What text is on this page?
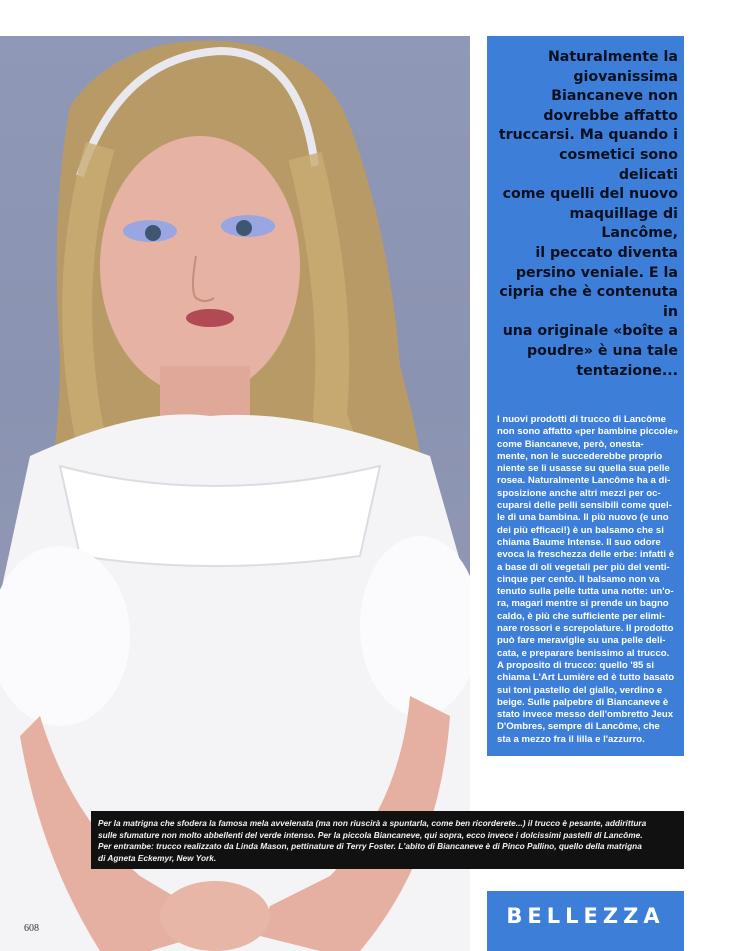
Naturalmente la
giovanissima
Biancaneve non
dovrebbe affatto
truccarsi. Ma quando i
cosmetici sono delicati
come quelli del nuovo
maquillage di Lancôme,
il peccato diventa
persino veniale. E la
cipria che è contenuta in
una originale «boîte a
poudre» è una tale
tentazione...

I nuovi prodotti di trucco di Lancôme
non sono affatto «per bambine piccole»
come Biancaneve, però, onesta-
mente, non le succederebbe proprio
niente se li usasse su quella sua pelle
rosea. Naturalmente Lancôme ha a di-
sposizione anche altri mezzi per oc-
cuparsi delle pelli sensibili come quel-
le di una bambina. Il più nuovo (e uno
dei più efficaci!) è un balsamo che si
chiama Baume Intense. Il suo odore
evoca la freschezza delle erbe: infatti è
a base di oli vegetali per più del venti-
cinque per cento. Il balsamo non va
tenuto sulla pelle tutta una notte: un'o-
ra, magari mentre si prende un bagno
caldo, è più che sufficiente per elimi-
nare rossori e screpolature. Il prodotto
può fare meraviglie su una pelle deli-
cata, e preparare benissimo al trucco.
A proposito di trucco: quello '85 si
chiama L'Art Lumière ed è tutto basato
sui toni pastello del giallo, verdino e
beige. Sulle palpebre di Biancaneve è
stato invece messo dell'ombretto Jeux
D'Ombres, sempre di Lancôme, che
sta a mezzo fra il lilla e l'azzurro.

Per la matrigna che sfodera la famosa mela avvelenata (ma non riuscirà a spuntarla, come ben ricorderete...) il trucco è pesante, addirittura
sulle sfumature non molto abbellenti del verde intenso. Per la piccola Biancaneve, qui sopra, ecco invece i dolcissimi pastelli di Lancôme.
Per entrambe: trucco realizzato da Linda Mason, pettinature di Terry Foster. L'abito di Biancaneve è di Pinco Pallino, quello della matrigna
di Agneta Eckemyr, New York.

BELLEZZA
608
